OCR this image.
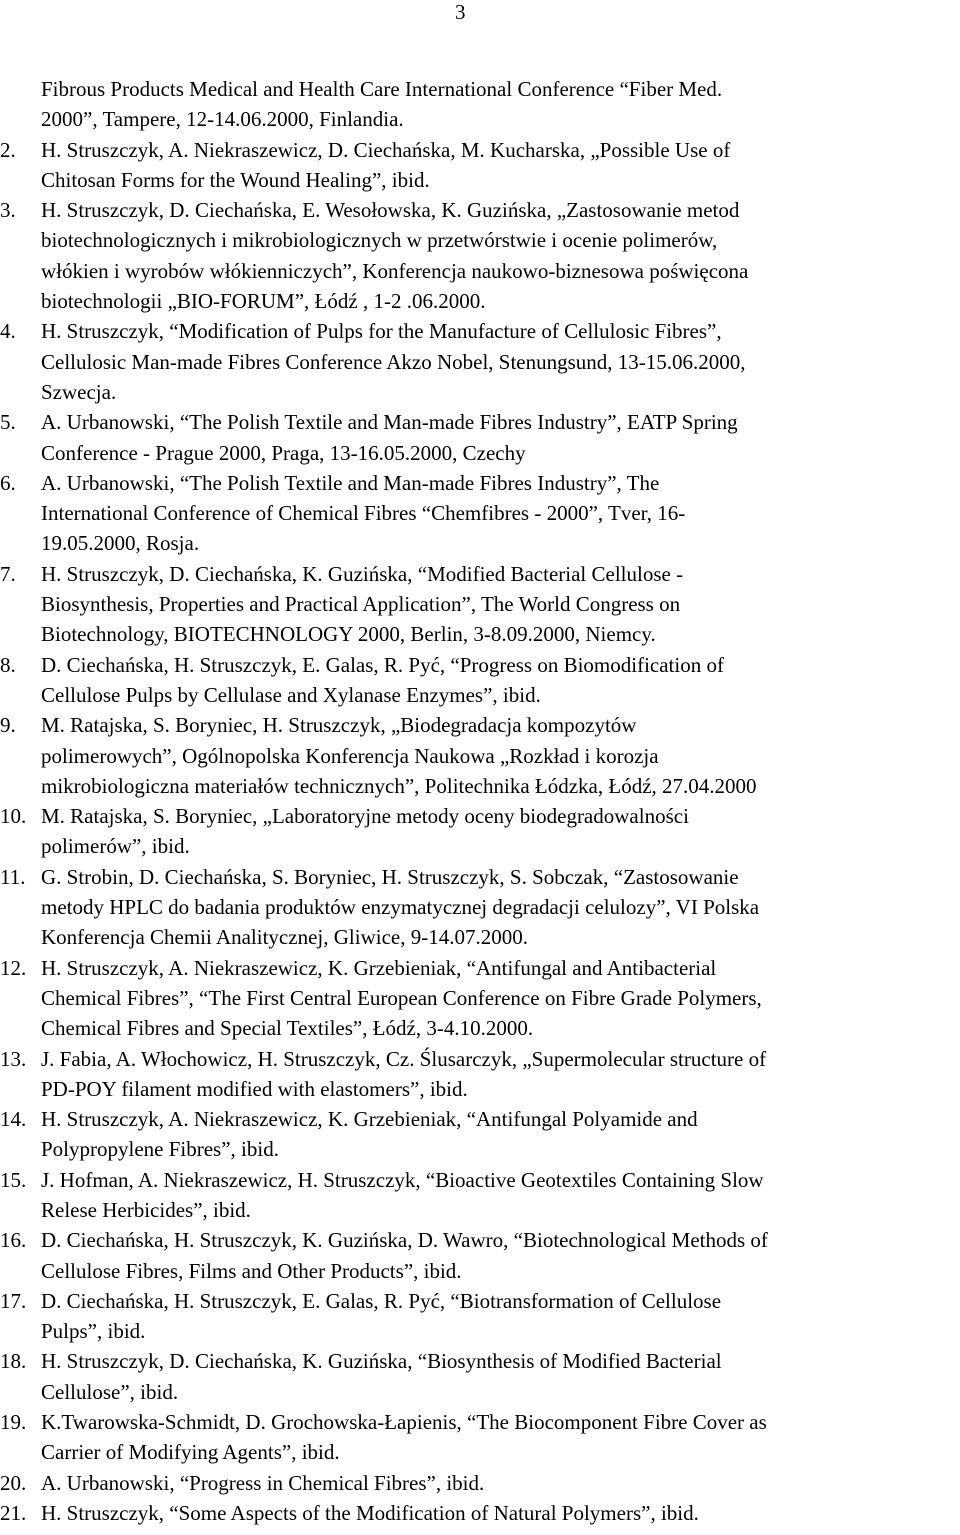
3
Fibrous Products Medical and Health Care International Conference “Fiber Med.
2000”, Tampere, 12-14.06.2000, Finlandia.
2.	H. Struszczyk, A. Niekraszewicz, D. Ciechańska, M. Kucharska, „Possible Use of
Chitosan Forms for the Wound Healing”, ibid.
3.	H. Struszczyk, D. Ciechańska, E. Wesołowska, K. Guzińska, „Zastosowanie metod
biotechnologicznych i mikrobiologicznych w przetwórstwie i ocenie polimerów,
włókien i wyrobów włókienniczych”, Konferencja naukowo-biznesowa poświęcona
biotechnologii „BIO-FORUM”, Łódź , 1-2 .06.2000.
4.	H. Struszczyk, “Modification of Pulps for the Manufacture of Cellulosic Fibres”,
Cellulosic Man-made Fibres Conference Akzo Nobel, Stenungsund, 13-15.06.2000,
Szwecja.
5.	A. Urbanowski, “The Polish Textile and Man-made Fibres Industry”, EATP Spring
Conference - Prague 2000, Praga, 13-16.05.2000, Czechy
6.	A. Urbanowski, “The Polish Textile and Man-made Fibres Industry”, The
International Conference of Chemical Fibres “Chemfibres - 2000”, Tver, 16-
19.05.2000, Rosja.
7.	H. Struszczyk, D. Ciechańska, K. Guzińska, “Modified Bacterial Cellulose -
Biosynthesis, Properties and Practical Application”, The World Congress on
Biotechnology, BIOTECHNOLOGY 2000, Berlin, 3-8.09.2000, Niemcy.
8.	D. Ciechańska, H. Struszczyk, E. Galas, R. Pyć, “Progress on Biomodification of
Cellulose Pulps by Cellulase and Xylanase Enzymes”, ibid.
9.	M. Ratajska, S. Boryniec, H. Struszczyk, „Biodegradacja kompozytów
polimerowych”, Ogólnopolska Konferencja Naukowa „Rozkład i korozja
mikrobiologiczna materiałów technicznych”, Politechnika Łódzka, Łódź, 27.04.2000
10. M. Ratajska, S. Boryniec, „Laboratoryjne metody oceny biodegradowalności
polimerów”, ibid.
11. G. Strobin, D. Ciechańska, S. Boryniec, H. Struszczyk, S. Sobczak, “Zastosowanie
metody HPLC do badania produktów enzymatycznej degradacji celulozy”, VI Polska
Konferencja Chemii Analitycznej, Gliwice, 9-14.07.2000.
12. H. Struszczyk, A. Niekraszewicz, K. Grzebieniak, “Antifungal and Antibacterial
Chemical Fibres”, “The First Central European Conference on Fibre Grade Polymers,
Chemical Fibres and Special Textiles”, Łódź, 3-4.10.2000.
13. J. Fabia, A. Włochowicz, H. Struszczyk, Cz. Ślusarczyk, „Supermolecular structure of
PD-POY filament modified with elastomers”, ibid.
14. H. Struszczyk, A. Niekraszewicz, K. Grzebieniak, “Antifungal Polyamide and
Polypropylene Fibres”, ibid.
15. J. Hofman, A. Niekraszewicz, H. Struszczyk, “Bioactive Geotextiles Containing Slow
Relese Herbicides”, ibid.
16. D. Ciechańska, H. Struszczyk, K. Guzińska, D. Wawro, “Biotechnological Methods of
Cellulose Fibres, Films and Other Products”, ibid.
17. D. Ciechańska, H. Struszczyk, E. Galas, R. Pyć, “Biotransformation of Cellulose
Pulps”, ibid.
18. H. Struszczyk, D. Ciechańska, K. Guzińska, “Biosynthesis of Modified Bacterial
Cellulose”, ibid.
19. K.Twarowska-Schmidt, D. Grochowska-Łapienis, “The Biocomponent Fibre Cover as
Carrier of Modifying Agents”, ibid.
20. A. Urbanowski, “Progress in Chemical Fibres”, ibid.
21. H. Struszczyk, “Some Aspects of the Modification of Natural Polymers”, ibid.
